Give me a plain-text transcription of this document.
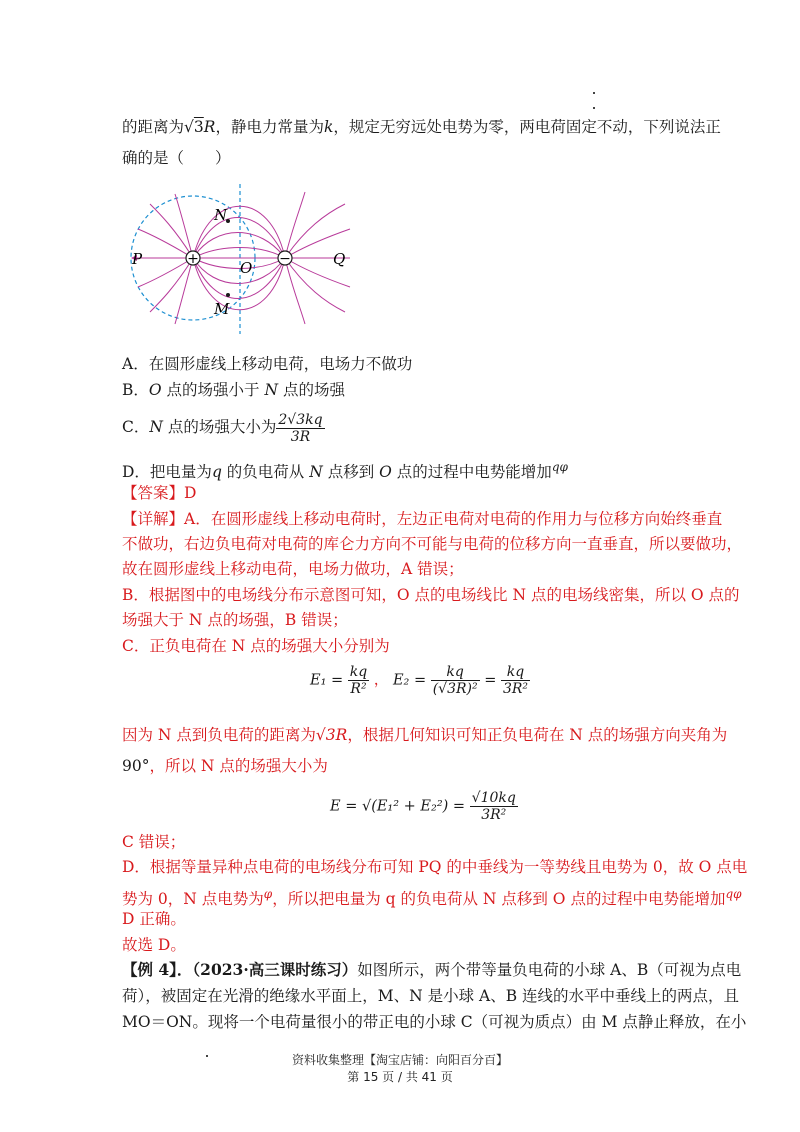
的距离为√3R，静电力常量为k，规定无穷远处电势为零，两电荷固定不动，下列说法正
确的是（　　）
+	−
P
N
O
M
Q
A．在圆形虚线上移动电荷，电场力不做功
B．O 点的场强小于 N 点的场强
C．N 点的场强大小为 $\frac{2√3kq}{3R}$
D．把电量为q 的负电荷从 N 点移到 O 点的过程中电势能增加$^{q\varphi}$
【答案】D
【详解】A．在圆形虚线上移动电荷时，左边正电荷对电荷的作用力与位移方向始终垂直
不做功，右边负电荷对电荷的库仑力方向不可能与电荷的位移方向一直垂直，所以要做功，
故在圆形虚线上移动电荷，电场力做功，A 错误；
B．根据图中的电场线分布示意图可知，O 点的电场线比 N 点的电场线密集，所以 O 点的
场强大于 N 点的场强，B 错误；
C．正负电荷在 N 点的场强大小分别为
$E_1 = \frac{kq}{\text{R²}}$ ， $E_2 = \frac{kq}{\text{(√3R)²}} = \frac{kq}{\text{3R²}}$
因为 N 点到负电荷的距离为√3R，根据几何知识可知正负电荷在 N 点的场强方向夹角为
90°，所以 N 点的场强大小为
$E = √(E_1^2 + E_2^2) = \frac{√10kq}{\text{3R²}}$
C 错误；
D．根据等量异种点电荷的电场线分布可知 PQ 的中垂线为一等势线且电势为 0，故 O 点电
势为 0，N 点电势为$^\varphi$，所以把电量为 q 的负电荷从 N 点移到 O 点的过程中电势能增加$^{q\varphi}$
D 正确。
故选 D。
【例 4】．（2023·高三课时练习）如图所示，两个带等量负电荷的小球 A、B（可视为点电
荷），被固定在光滑的绝缘水平面上，M、N 是小球 A、B 连线的水平中垂线上的两点，且
MO＝ON。现将一个电荷量很小的带正电的小球 C（可视为质点）由 M 点静止释放，在小
资料收集整理【淘宝店铺：向阳百分百】
第 15 页 / 共 41 页
